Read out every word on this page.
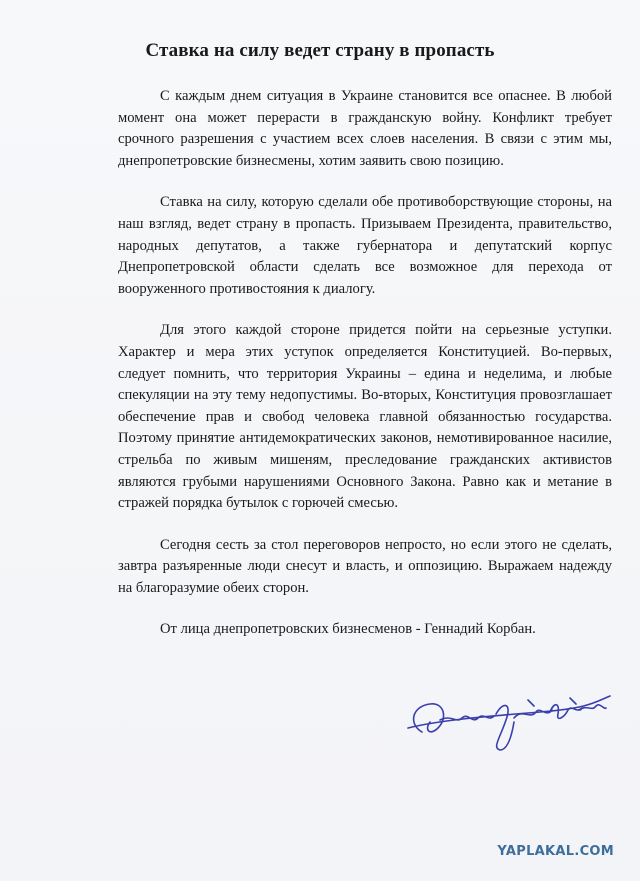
Ставка на силу ведет страну в пропасть

С каждым днем ситуация в Украине становится все опаснее. В любой момент она может перерасти в гражданскую войну. Конфликт требует срочного разрешения с участием всех слоев населения. В связи с этим мы, днепропетровские бизнесмены, хотим заявить свою позицию.

Ставка на силу, которую сделали обе противоборствующие стороны, на наш взгляд, ведет страну в пропасть. Призываем Президента, правительство, народных депутатов, а также губернатора и депутатский корпус Днепропетровской области сделать все возможное для перехода от вооруженного противостояния к диалогу.

Для этого каждой стороне придется пойти на серьезные уступки. Характер и мера этих уступок определяется Конституцией. Во-первых, следует помнить, что территория Украины – едина и неделима, и любые спекуляции на эту тему недопустимы. Во-вторых, Конституция провозглашает обеспечение прав и свобод человека главной обязанностью государства. Поэтому принятие антидемократических законов, немотивированное насилие, стрельба по живым мишеням, преследование гражданских активистов являются грубыми нарушениями Основного Закона. Равно как и метание в стражей порядка бутылок с горючей смесью.

Сегодня сесть за стол переговоров непросто, но если этого не сделать, завтра разъяренные люди снесут и власть, и оппозицию. Выражаем надежду на благоразумие обеих сторон.

От лица днепропетровских бизнесменов - Геннадий Корбан.

YAPLAKAL.COM
